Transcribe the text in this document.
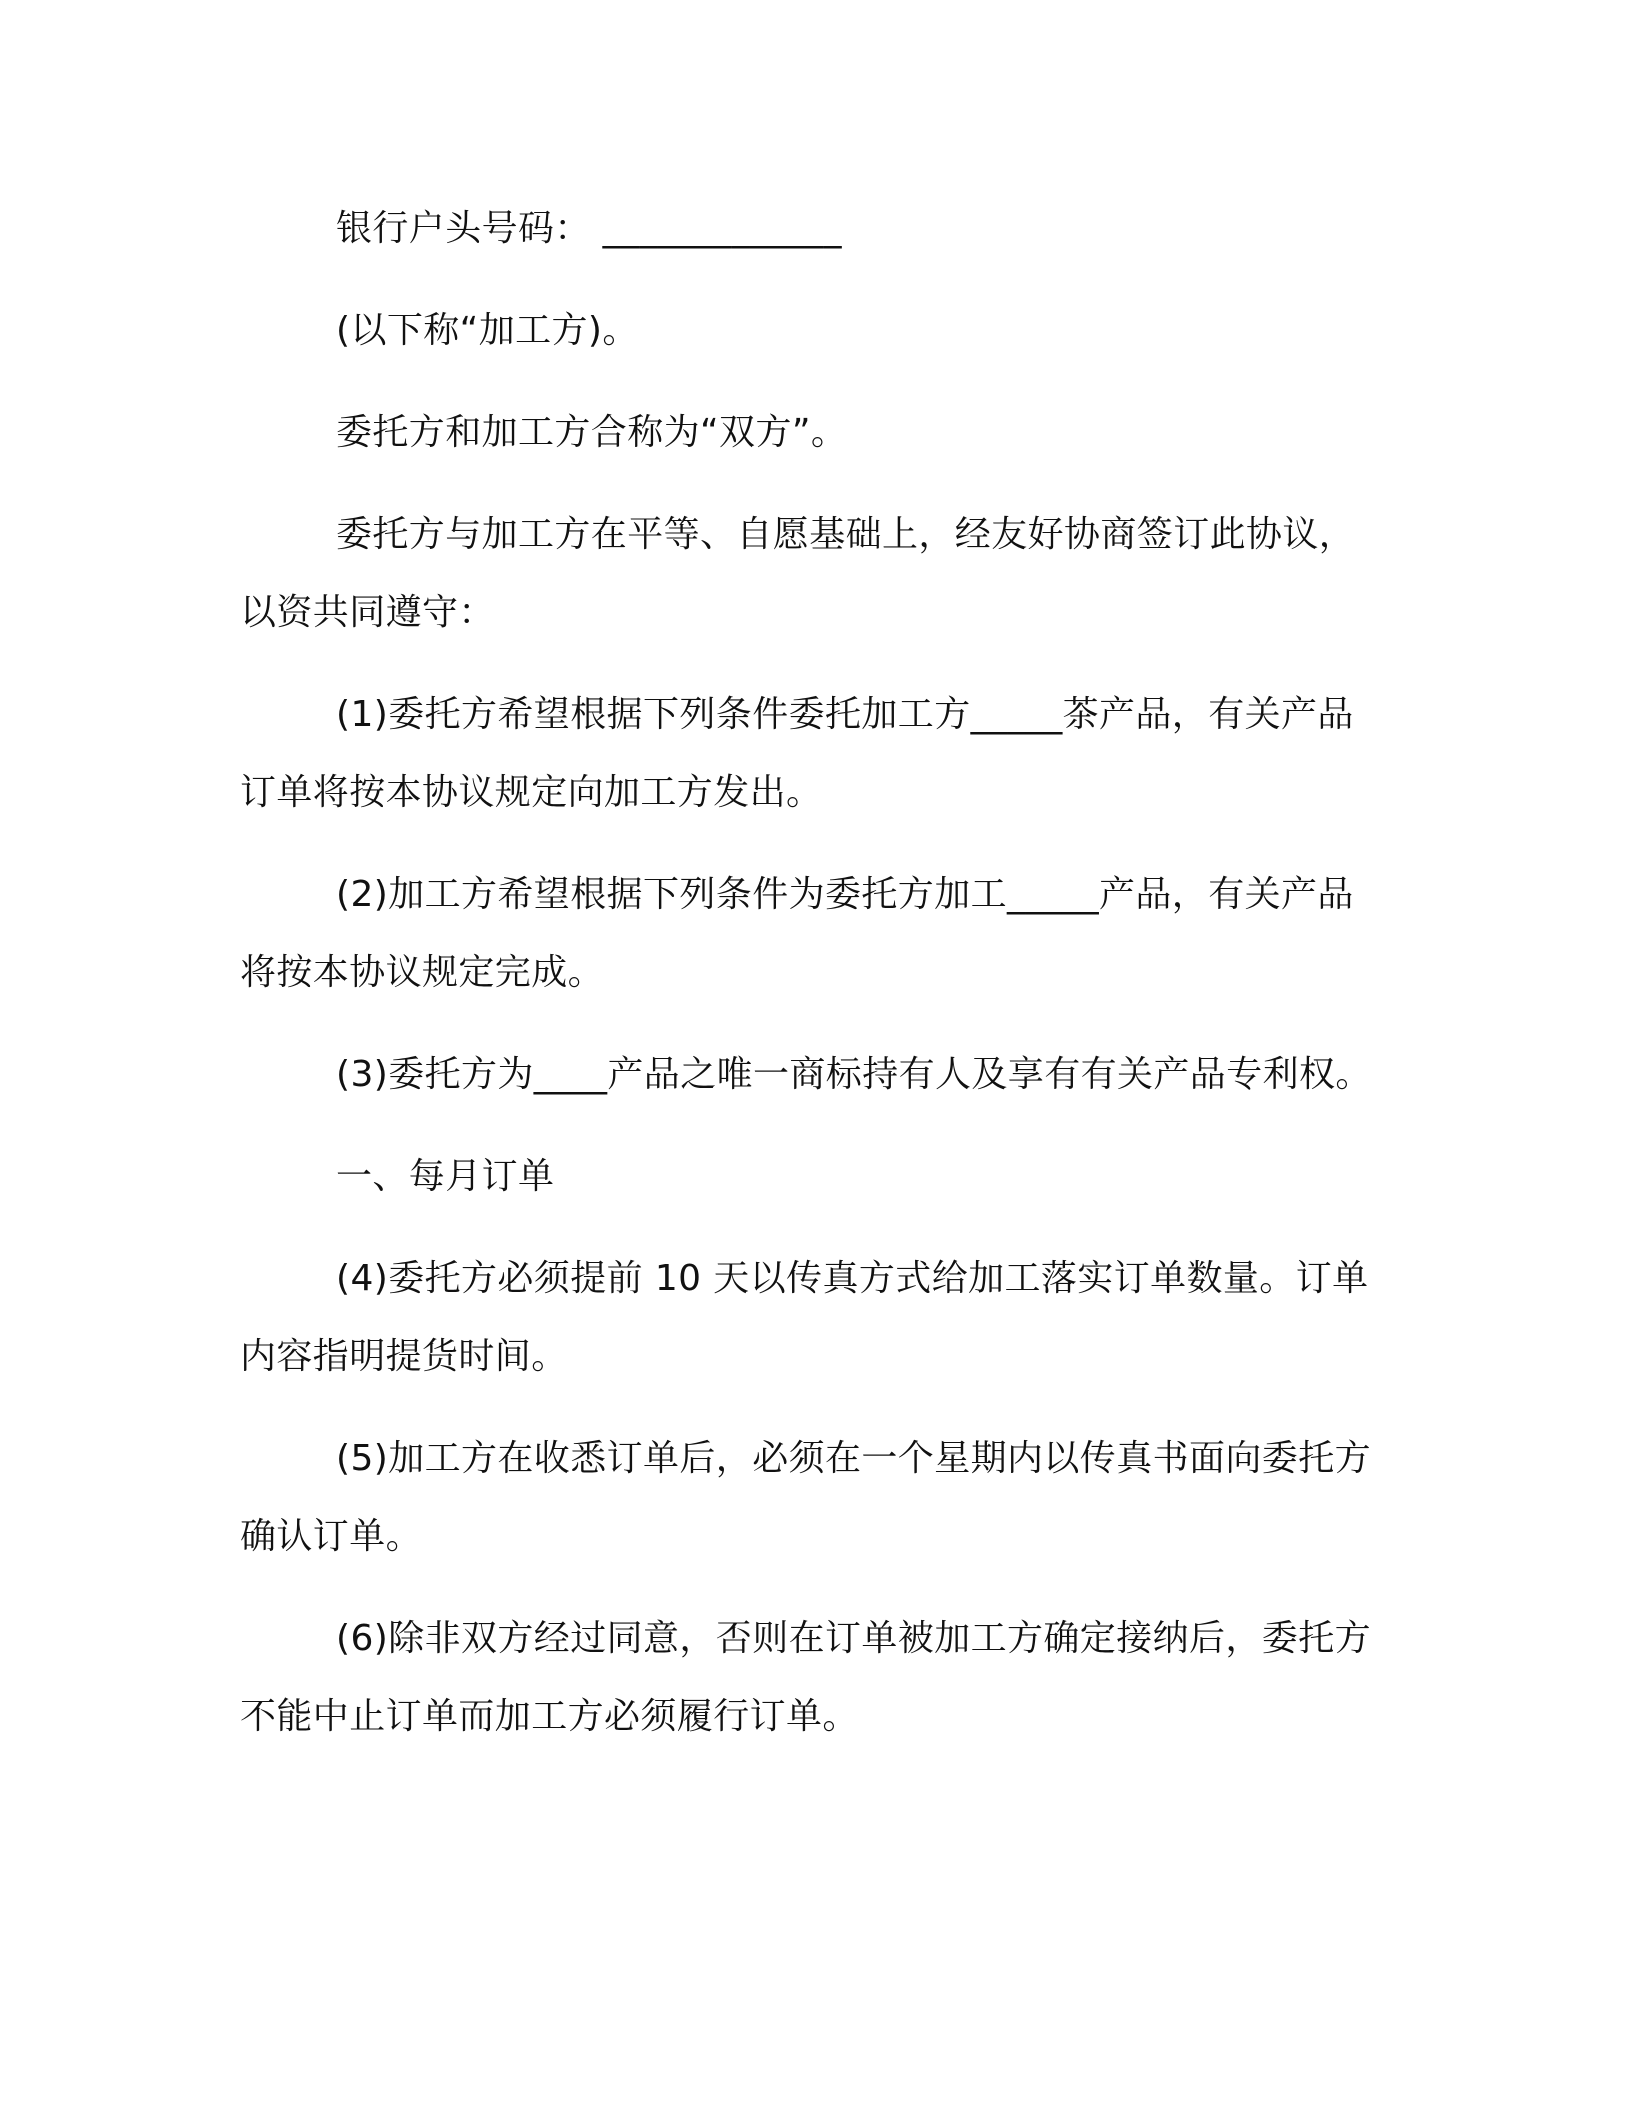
银行户头号码： _____________

(以下称“加工方)。

委托方和加工方合称为“双方”。

委托方与加工方在平等、自愿基础上，经友好协商签订此协议，以资共同遵守：

(1)委托方希望根据下列条件委托加工方_____茶产品，有关产品订单将按本协议规定向加工方发出。

(2)加工方希望根据下列条件为委托方加工_____产品，有关产品将按本协议规定完成。

(3)委托方为____产品之唯一商标持有人及享有有关产品专利权。

一、每月订单

(4)委托方必须提前 10 天以传真方式给加工落实订单数量。订单内容指明提货时间。

(5)加工方在收悉订单后，必须在一个星期内以传真书面向委托方确认订单。

(6)除非双方经过同意，否则在订单被加工方确定接纳后，委托方不能中止订单而加工方必须履行订单。
